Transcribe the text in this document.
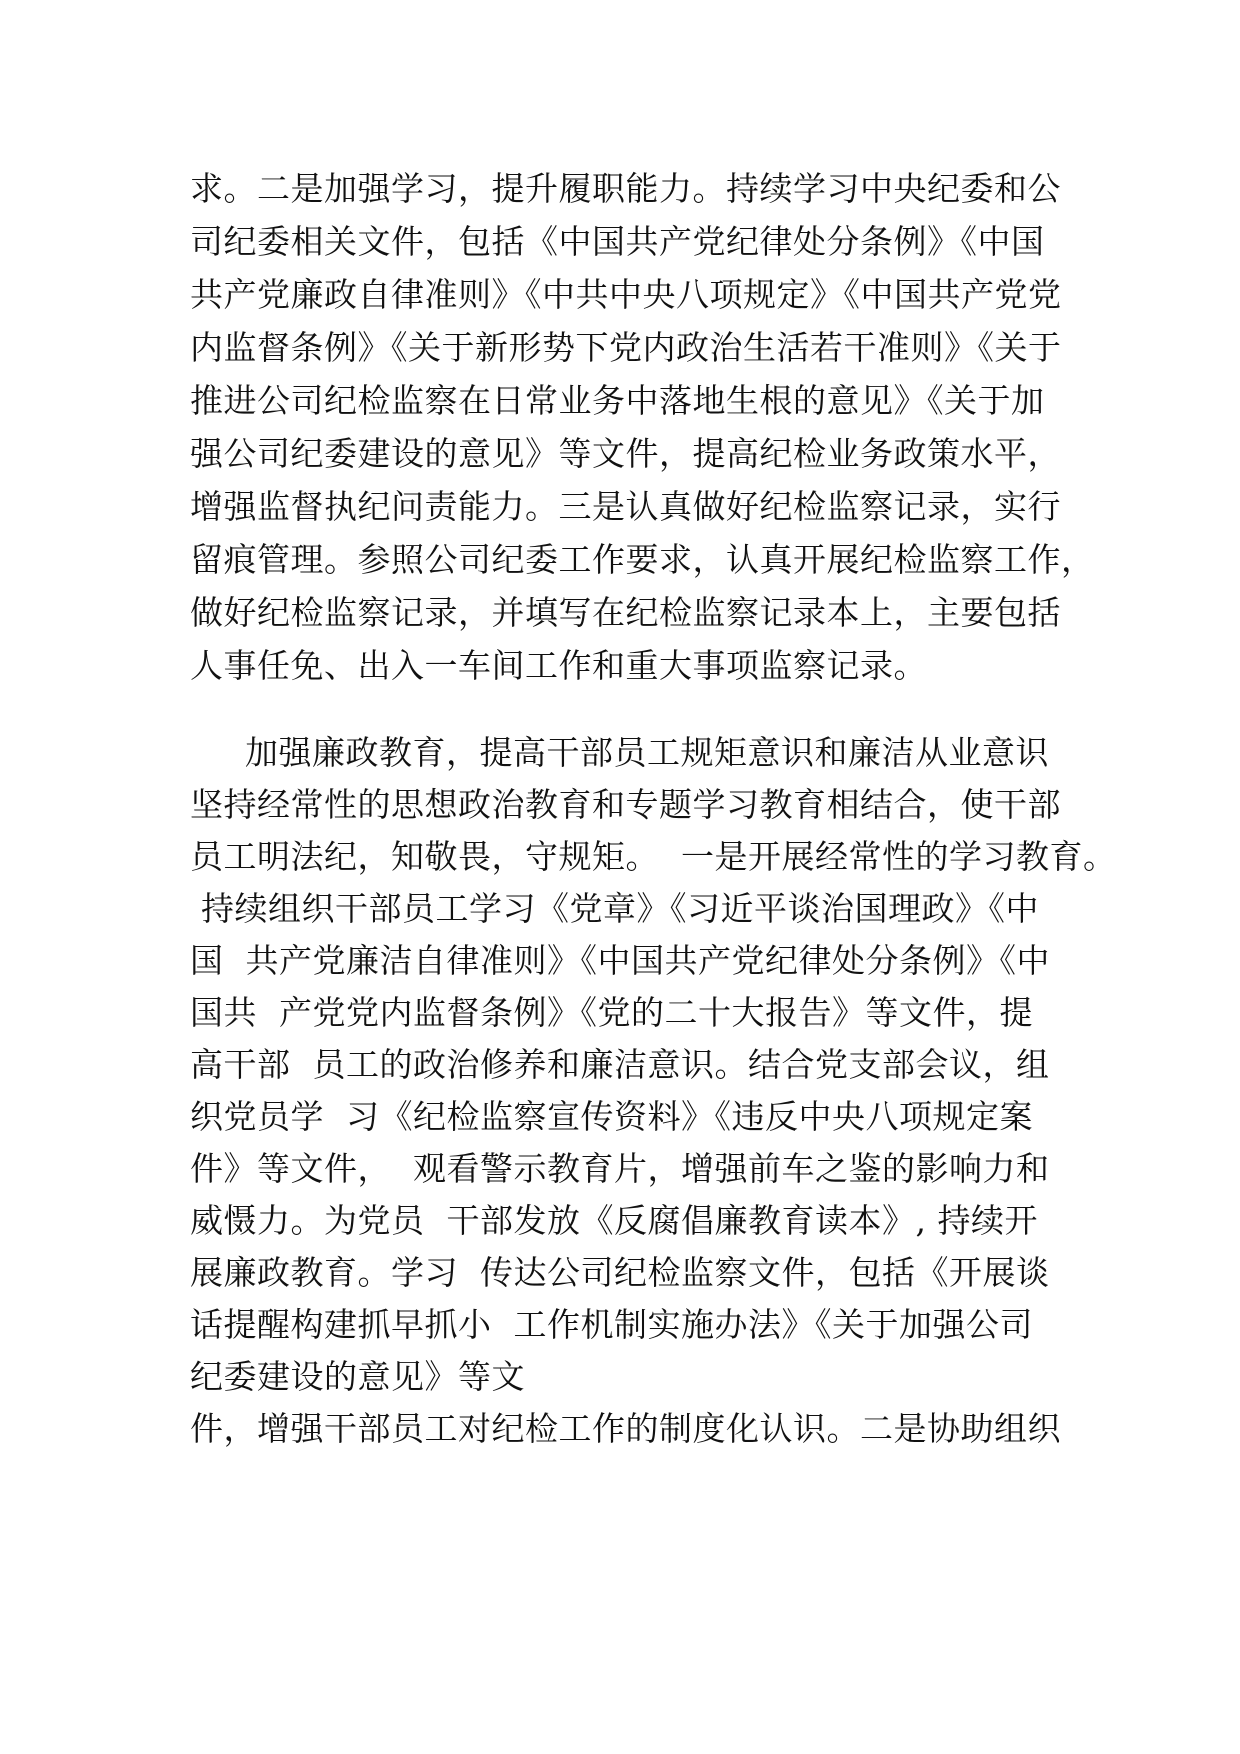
求。二是加强学习，提升履职能力。持续学习中央纪委和公
司纪委相关文件，包括《中国共产党纪律处分条例》《中国
共产党廉政自律准则》《中共中央八项规定》《中国共产党党
内监督条例》《关于新形势下党内政治生活若干准则》《关于
推进公司纪检监察在日常业务中落地生根的意见》《关于加
强公司纪委建设的意见》等文件，提高纪检业务政策水平，
增强监督执纪问责能力。三是认真做好纪检监察记录，实行
留痕管理。参照公司纪委工作要求，认真开展纪检监察工作，
做好纪检监察记录，并填写在纪检监察记录本上，主要包括
人事任免、出入一车间工作和重大事项监察记录。
加强廉政教育，提高干部员工规矩意识和廉洁从业意识
坚持经常性的思想政治教育和专题学习教育相结合，使干部
员工明法纪，知敬畏，守规矩。  一是开展经常性的学习教育。
持续组织干部员工学习《党章》《习近平谈治国理政》《中
国  共产党廉洁自律准则》《中国共产党纪律处分条例》《中
国共  产党党内监督条例》《党的二十大报告》等文件，提
高干部  员工的政治修养和廉洁意识。结合党支部会议，组
织党员学  习《纪检监察宣传资料》《违反中央八项规定案
件》等文件，  观看警示教育片，增强前车之鉴的影响力和
威慑力。为党员  干部发放《反腐倡廉教育读本》, 持续开
展廉政教育。学习  传达公司纪检监察文件，包括《开展谈
话提醒构建抓早抓小  工作机制实施办法》《关于加强公司
纪委建设的意见》等文
件，增强干部员工对纪检工作的制度化认识。二是协助组织
